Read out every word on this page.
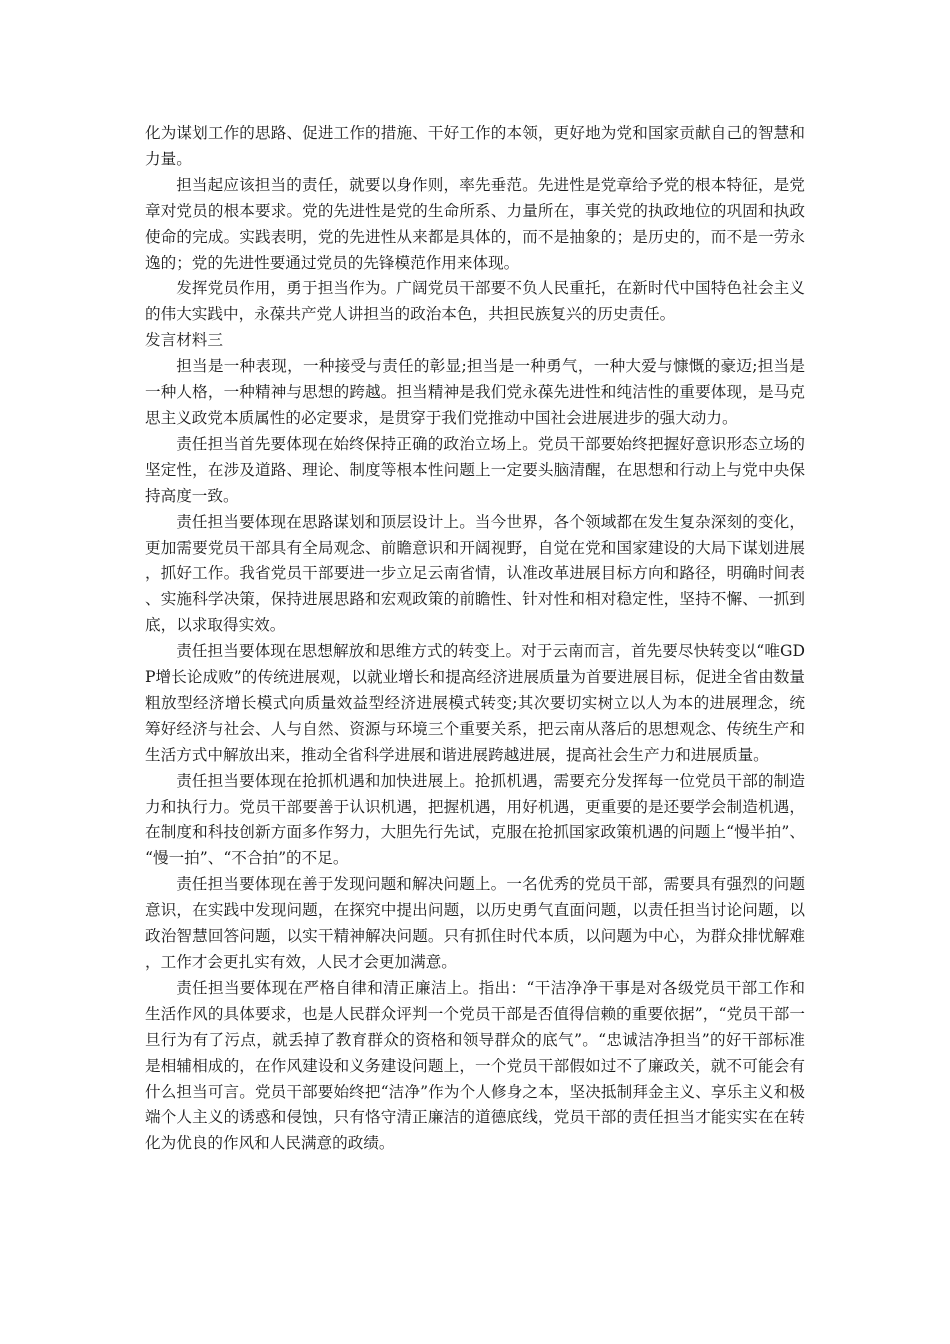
化为谋划工作的思路、促进工作的措施、干好工作的本领，更好地为党和国家贡献自己的智慧和力量。

担当起应该担当的责任，就要以身作则，率先垂范。先进性是党章给予党的根本特征，是党章对党员的根本要求。党的先进性是党的生命所系、力量所在，事关党的执政地位的巩固和执政使命的完成。实践表明，党的先进性从来都是具体的，而不是抽象的；是历史的，而不是一劳永逸的；党的先进性要通过党员的先锋模范作用来体现。

发挥党员作用，勇于担当作为。广阔党员干部要不负人民重托，在新时代中国特色社会主义的伟大实践中，永葆共产党人讲担当的政治本色，共担民族复兴的历史责任。

发言材料三

担当是一种表现，一种接受与责任的彰显;担当是一种勇气，一种大爱与慷慨的豪迈;担当是一种人格，一种精神与思想的跨越。担当精神是我们党永葆先进性和纯洁性的重要体现，是马克思主义政党本质属性的必定要求，是贯穿于我们党推动中国社会进展进步的强大动力。

责任担当首先要体现在始终保持正确的政治立场上。党员干部要始终把握好意识形态立场的坚定性，在涉及道路、理论、制度等根本性问题上一定要头脑清醒，在思想和行动上与党中央保持高度一致。

责任担当要体现在思路谋划和顶层设计上。当今世界，各个领域都在发生复杂深刻的变化，更加需要党员干部具有全局观念、前瞻意识和开阔视野，自觉在党和国家建设的大局下谋划进展，抓好工作。我省党员干部要进一步立足云南省情，认准改革进展目标方向和路径，明确时间表、实施科学决策，保持进展思路和宏观政策的前瞻性、针对性和相对稳定性，坚持不懈、一抓到底，以求取得实效。

责任担当要体现在思想解放和思维方式的转变上。对于云南而言，首先要尽快转变以“唯GDP增长论成败”的传统进展观，以就业增长和提高经济进展质量为首要进展目标，促进全省由数量粗放型经济增长模式向质量效益型经济进展模式转变;其次要切实树立以人为本的进展理念，统筹好经济与社会、人与自然、资源与环境三个重要关系，把云南从落后的思想观念、传统生产和生活方式中解放出来，推动全省科学进展和谐进展跨越进展，提高社会生产力和进展质量。

责任担当要体现在抢抓机遇和加快进展上。抢抓机遇，需要充分发挥每一位党员干部的制造力和执行力。党员干部要善于认识机遇，把握机遇，用好机遇，更重要的是还要学会制造机遇，在制度和科技创新方面多作努力，大胆先行先试，克服在抢抓国家政策机遇的问题上“慢半拍”、“慢一拍”、“不合拍”的不足。

责任担当要体现在善于发现问题和解决问题上。一名优秀的党员干部，需要具有强烈的问题意识，在实践中发现问题，在探究中提出问题，以历史勇气直面问题，以责任担当讨论问题，以政治智慧回答问题，以实干精神解决问题。只有抓住时代本质，以问题为中心，为群众排忧解难，工作才会更扎实有效，人民才会更加满意。

责任担当要体现在严格自律和清正廉洁上。指出：“干洁净净干事是对各级党员干部工作和生活作风的具体要求，也是人民群众评判一个党员干部是否值得信赖的重要依据”，“党员干部一旦行为有了污点，就丢掉了教育群众的资格和领导群众的底气”。“忠诚洁净担当”的好干部标准是相辅相成的，在作风建设和义务建设问题上，一个党员干部假如过不了廉政关，就不可能会有什么担当可言。党员干部要始终把“洁净”作为个人修身之本，坚决抵制拜金主义、享乐主义和极端个人主义的诱惑和侵蚀，只有恪守清正廉洁的道德底线，党员干部的责任担当才能实实在在转化为优良的作风和人民满意的政绩。
